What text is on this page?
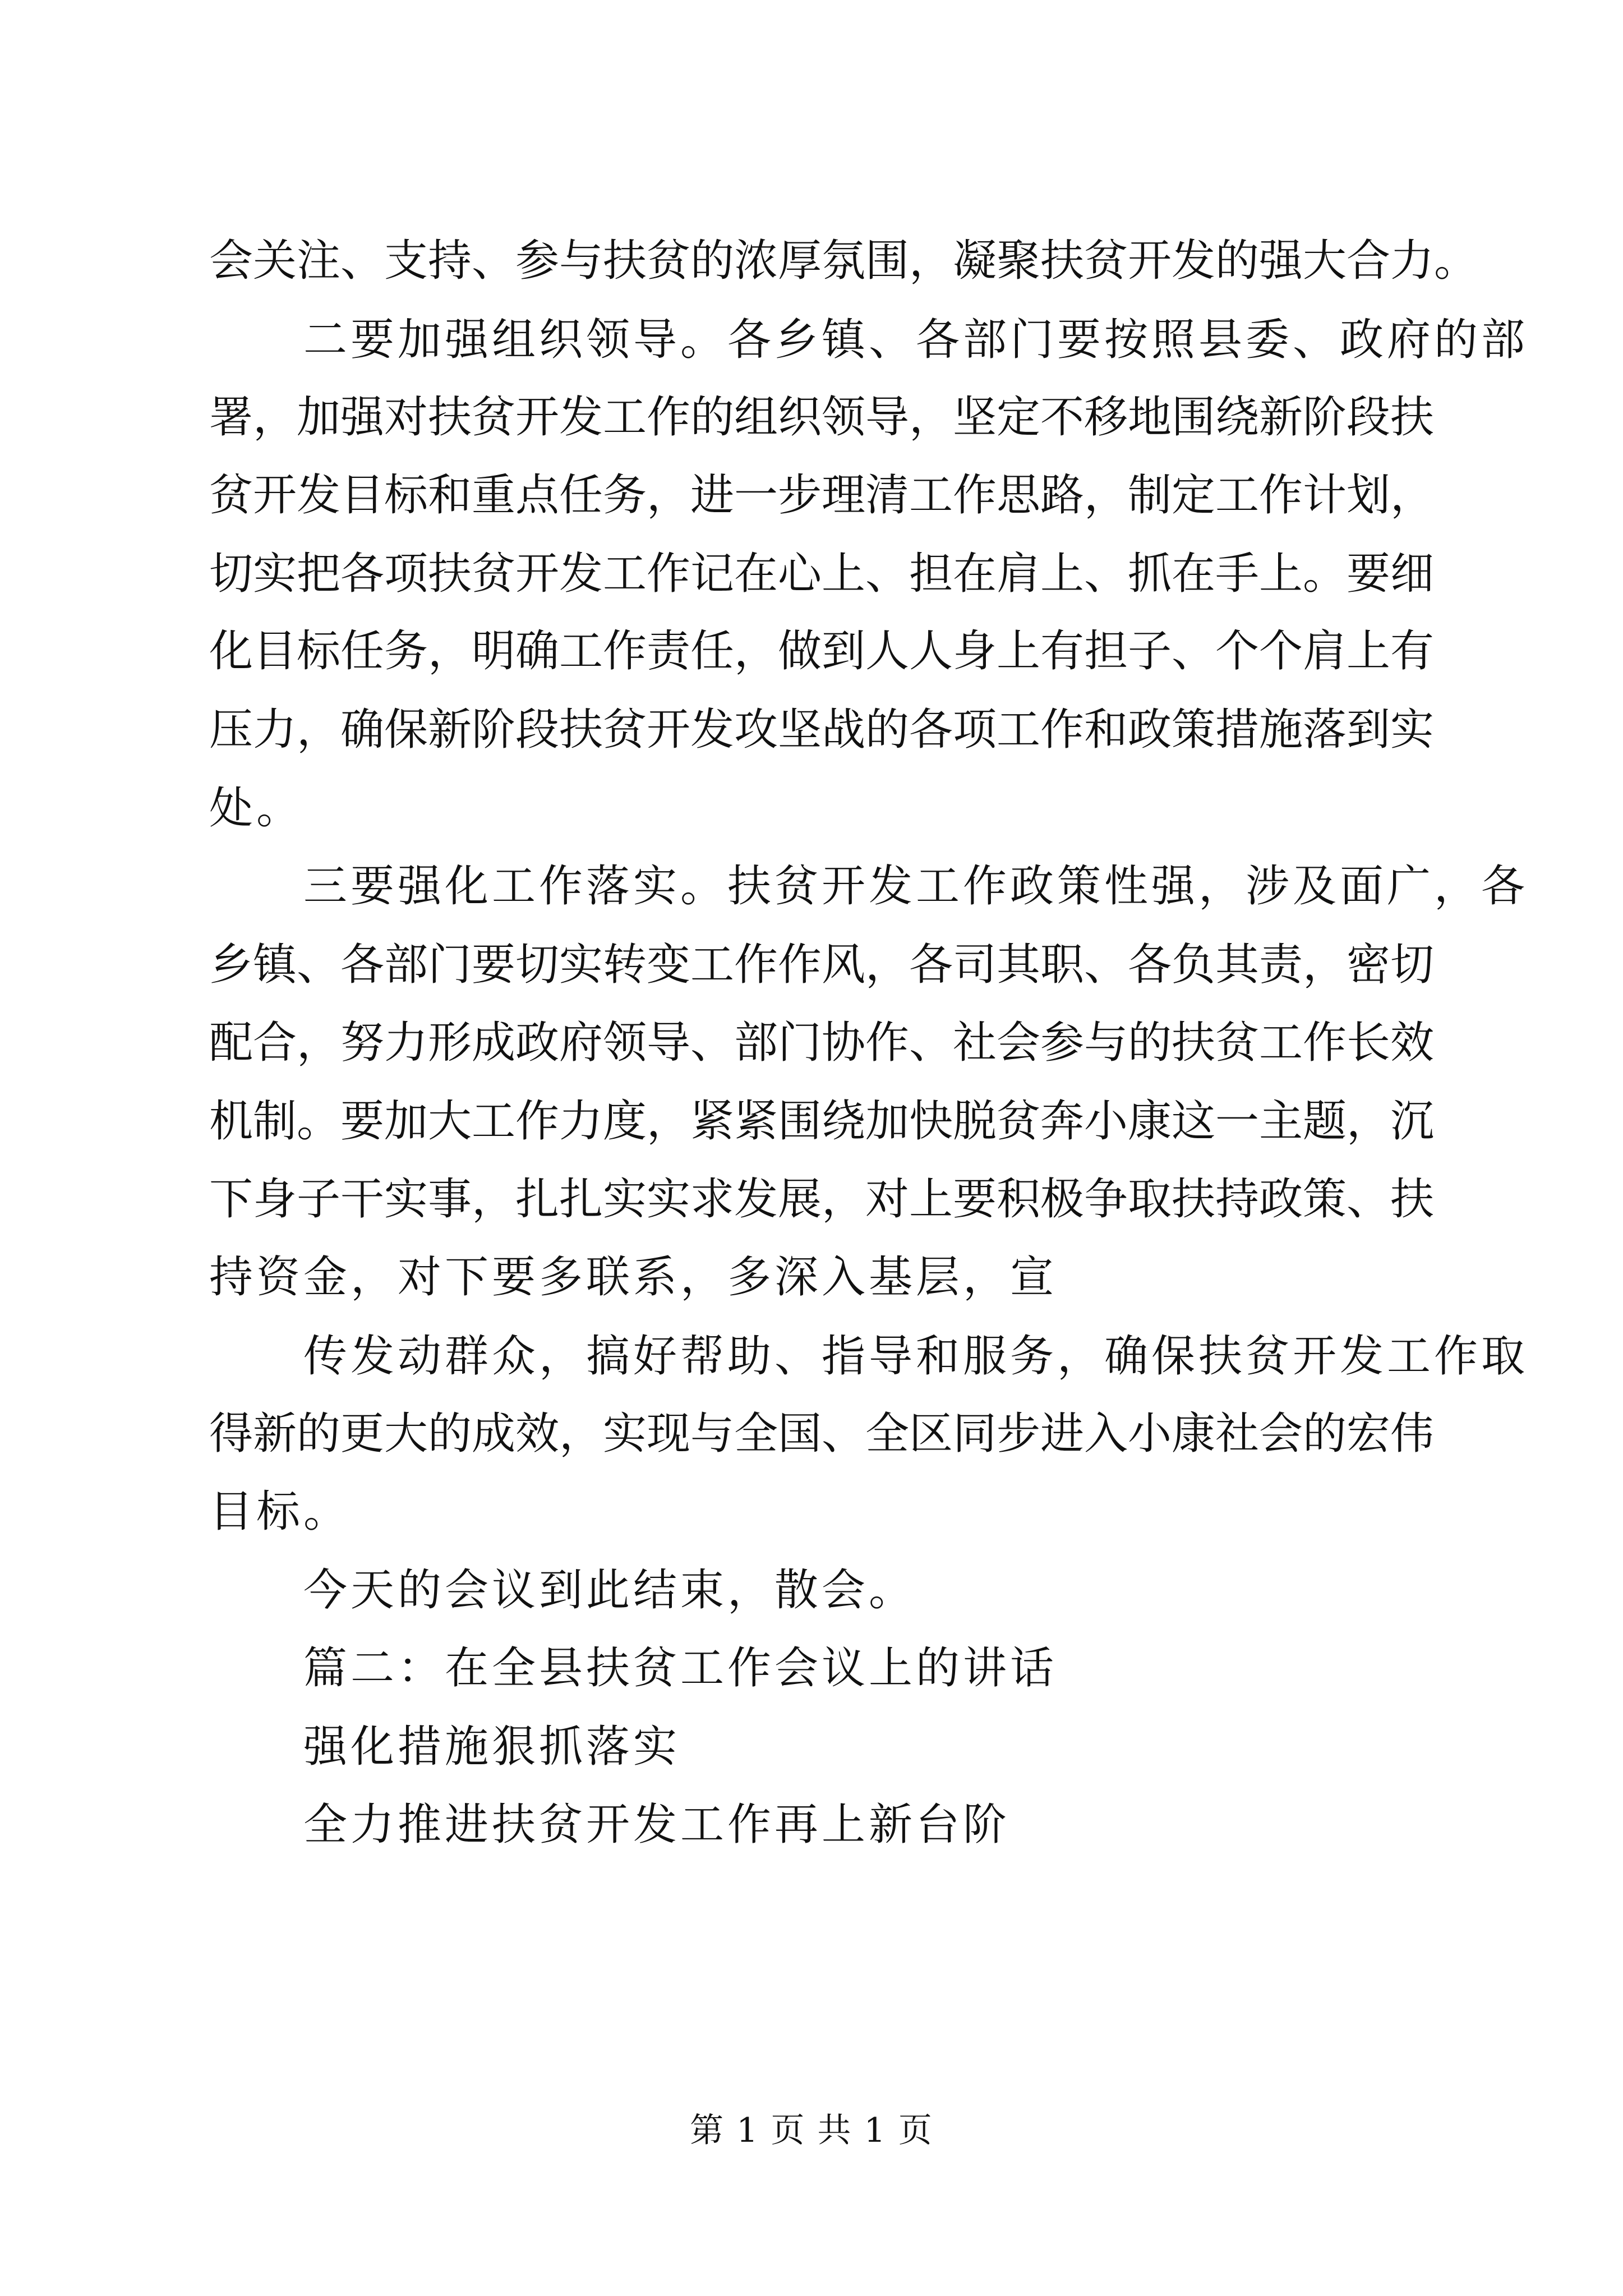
会关注、支持、参与扶贫的浓厚氛围，凝聚扶贫开发的强大合力。

二要加强组织领导。各乡镇、各部门要按照县委、政府的部

署，加强对扶贫开发工作的组织领导，坚定不移地围绕新阶段扶

贫开发目标和重点任务，进一步理清工作思路，制定工作计划，

切实把各项扶贫开发工作记在心上、担在肩上、抓在手上。要细

化目标任务，明确工作责任，做到人人身上有担子、个个肩上有

压力，确保新阶段扶贫开发攻坚战的各项工作和政策措施落到实

处。

三要强化工作落实。扶贫开发工作政策性强，涉及面广，各

乡镇、各部门要切实转变工作作风，各司其职、各负其责，密切

配合，努力形成政府领导、部门协作、社会参与的扶贫工作长效

机制。要加大工作力度，紧紧围绕加快脱贫奔小康这一主题，沉

下身子干实事，扎扎实实求发展，对上要积极争取扶持政策、扶

持资金，对下要多联系，多深入基层，宣

传发动群众，搞好帮助、指导和服务，确保扶贫开发工作取

得新的更大的成效，实现与全国、全区同步进入小康社会的宏伟

目标。

今天的会议到此结束，散会。

篇二：在全县扶贫工作会议上的讲话

强化措施狠抓落实

全力推进扶贫开发工作再上新台阶

第 1 页 共 1 页
